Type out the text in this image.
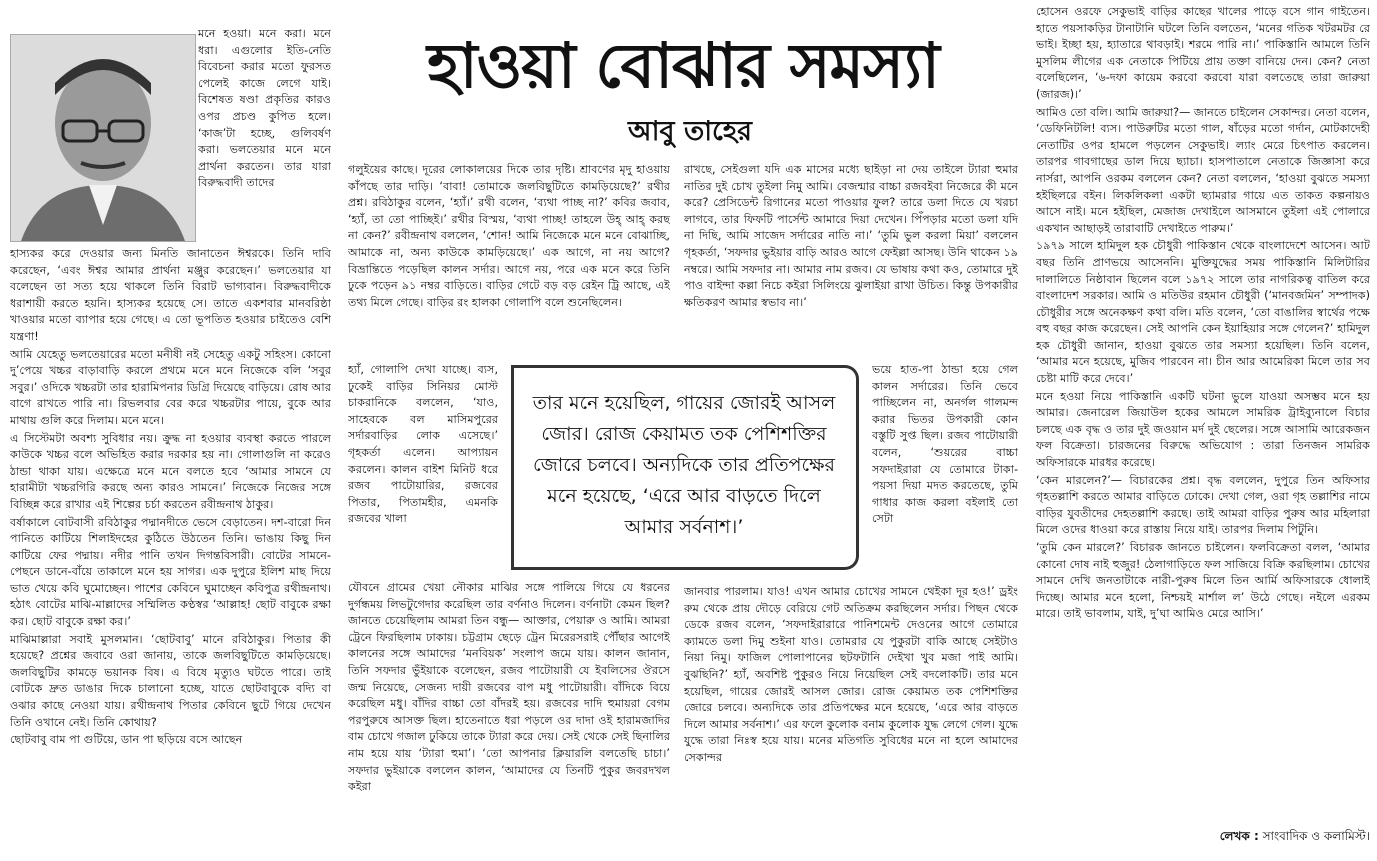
মনে হওয়া। মনে করা। মনে ধরা। এগুলোর ইতি-নেতি বিবেচনা করার মতো ফুরসত পেলেই কাজে লেগে যাই। বিশেষত ষণ্ডা প্রকৃতির কারও ওপর প্রচণ্ড কুপিত হলে। ‘কাজ’টা হচ্ছে, গুলিবর্ষণ করা। ভলতেয়ার মনে মনে প্রার্থনা করতেন। তার যারা বিরুদ্ধবাদী তাদের

হাস্যকর করে দেওয়ার জন্য মিনতি জানাতেন ঈশ্বরকে। তিনি দাবি করেছেন, ‘এবং ঈশ্বর আমার প্রার্থনা মঞ্জুর করেছেন।’ ভলতেয়ার যা বলেছেন তা সত্য হয়ে থাকলে তিনি বিরাট ভাগ্যবান। বিরুদ্ধবাদীকে ধরাশায়ী করতে হয়নি। হাস্যকর হয়েছে সে। তাতে একশবার মানবরিষ্ঠা খাওয়ার মতো ব্যাপার হয়ে গেছে। এ তো ভূপতিত হওয়ার চাইতেও বেশি যন্ত্রণা!

আমি যেহেতু ভলতেয়ারের মতো মনীষী নই সেহেতু একটু সহিংস। কোনো দু’পেয়ে খচ্চর বাড়াবাড়ি করলে প্রথমে মনে মনে নিজেকে বলি ‘সবুর সবুর।’ ওদিকে খচ্চরটা তার হারামিপনার ডিগ্রি দিয়েছে বাড়িয়ে। রোষ আর বাগে রাখতে পারি না। রিভলবার বের করে খচ্চরটার পায়ে, বুকে আর মাথায় গুলি করে দিলাম। মনে মনে।

এ সিস্টেমটা অবশ্য সুবিধার নয়। ক্রুদ্ধ না হওয়ার ব্যবস্থা করতে পারলে কাউকে খচ্চর বলে অভিহিত করার দরকার হয় না। গোলাগুলি না করেও ঠান্ডা থাকা যায়। এক্ষেত্রে মনে মনে বলতে হবে ‘আমার সামনে যে হারামীটা খচ্চরগিরি করছে অন্য কারও সামনে।’ নিজেকে নিজের সঙ্গে বিচ্ছিন্ন করে রাখার এই শিল্পের চর্চা করতেন রবীন্দ্রনাথ ঠাকুর।

বর্ষাকালে বোটবাসী রবিঠাকুর পদ্মানদীতে ভেসে বেড়াতেন। দশ-বারো দিন পানিতে কাটিয়ে শিলাইদহের কুঠিতে উঠতেন তিনি। ভাঙায় কিছু দিন কাটিয়ে ফের পদ্মায়। নদীর পানি তখন দিগন্তবিসারী। বোটের সামনে-পেছনে ডানে-বাঁয়ে তাকালে মনে হয় সাগর। এক দুপুরে ইলিশ মাছ দিয়ে ভাত খেয়ে কবি ঘুমোচ্ছেন। পাশের কেবিনে ঘুমাচ্ছেন কবিপুত্র রথীন্দ্রনাথ। হঠাৎ বোটের মাঝি-মাল্লাদের সম্মিলিত কণ্ঠস্বর ‘আল্লাহ! ছোট বাবুকে রক্ষা কর। ছোট বাবুকে রক্ষা কর।’

মাঝিমাল্লারা সবাই মুসলমান। ‘ছোটবাবু’ মানে রবিঠাকুর। পিতার কী হয়েছে? প্রশ্নের জবাবে ওরা জানায়, তাকে জলবিছুটিতে কামড়িয়েছে। জলবিছুটির কামড়ে ভয়ানক বিষ। এ বিষে মৃত্যুও ঘটতে পারে। তাই বোটকে দ্রুত ডাঙার দিকে চালানো হচ্ছে, যাতে ছোটবাবুকে বদ্যি বা ওঝার কাছে নেওয়া যায়। রথীন্দ্রনাথ পিতার কেবিনে ছুটে গিয়ে দেখেন তিনি ওখানে নেই। তিনি কোথায়?

ছোটবাবু বাম পা গুটিয়ে, ডান পা ছড়িয়ে বসে আছেন

হাওয়া বোঝার সমস্যা
আবু তাহের

গলুইয়ের কাছে। দূরের লোকালয়ের দিকে তার দৃষ্টি। শ্রাবণের মৃদু হাওয়ায় কাঁপছে তার দাড়ি। ‘বাবা! তোমাকে জলবিছুটিতে কামড়িয়েছে?’ রথীর প্রশ্ন। রবিঠাকুর বলেন, ‘হ্যাঁ।’ রথী বলেন, ‘ব্যথা পাচ্ছ না?’ কবির জবাব, ‘হ্যাঁ, তা তো পাচ্ছিই।’ রথীর বিস্ময়, ‘ব্যথা পাচ্ছ! তাহলে উহ্ আহ্ করছ না কেন?’ রবীন্দ্রনাথ বললেন, ‘শোন! আমি নিজেকে মনে মনে বোঝাচ্ছি, আমাকে না, অন্য কাউকে কামড়িয়েছে।’ এক আগে, না নয় আগে? বিভ্রান্তিতে পড়েছিল কালন সর্দার। আগে নয়, পরে এক মনে করে তিনি ঢুকে পড়েন ৯১ নম্বর বাড়িতে। বাড়ির গেটে বড় বড় রেইন ট্রি আছে, এই তথ্য মিলে গেছে। বাড়ির রং হালকা গোলাপি বলে শুনেছিলেন।

হ্যাঁ, গোলাপি দেখা যাচ্ছে। ব্যস, ঢুকেই বাড়ির সিনিয়র মোস্ট চাকরানিকে বললেন, ‘যাও, সাহেবকে বল মাসিমপুরের সর্দারবাড়ির লোক এসেছে।’ গৃহকর্তা এলেন। আপ্যায়ন করলেন। কালন বাইশ মিনিট ধরে রজব পাটোয়ারির, রজবের পিতার, পিতামহীর, এমনকি রজবের খালা

যৌবনে গ্রামের খেয়া নৌকার মাঝির সঙ্গে পালিয়ে গিয়ে যে ধরনের দুর্গন্ধময় লিভটুগেদার করেছিল তার বর্ণনাও দিলেন। বর্ণনাটা কেমন ছিল? জানতে চেয়েছিলাম আমরা তিন বন্ধু— আক্তার, পেয়ারু ও আমি। আমরা ট্রেনে ফিরছিলাম ঢাকায়। চট্টগ্রাম ছেড়ে ট্রেন মিরেরসরাই পৌঁছার আগেই কালনের সঙ্গে আমাদের ‘মনবিয়ক’ সংলাপ জমে যায়। কালন জানান, তিনি সফদার ভুঁইয়াকে বলেছেন, রজব পাটোয়ারী যে ইবলিসের ঔরসে জন্ম নিয়েছে, সেজন্য দায়ী রজবের বাপ মধু পাটোয়ারী। বাঁদিকে বিয়ে করেছিল মধু। বাঁদির বাচ্চা তো বাঁদরই হয়। রজবের দাদি হুমায়রা বেগম পরপুরুষে আসক্ত ছিল। হাতেনাতে ধরা পড়লে ওর দাদা ওই হারামজাদির বাম চোখে গজাল ঢুকিয়ে তাকে ট্যারা করে দেয়। সেই থেকে সেই ছিনালির নাম হয়ে যায় ‘ট্যারা হুমা’। ‘তো আপনার ক্লিয়ারলি বলতেছি চাচা।’ সফদার ভুইয়াকে বললেন কালন, ‘আমাদের যে তিনটি পুকুর জবরদখল কইরা

রাখছে, সেইগুলা যদি এক মাসের মধ্যে ছাইড়া না দেয় তাইলে ট্যারা হুমার নাতির দুই চোখ তুইলা নিমু আমি। বেজন্মার বাচ্চা রজবইবা নিজেরে কী মনে করে? প্রেসিডেন্ট রিগানের মতো পাওয়ার ফুল? তারে ডলা দিতে যে খরচা লাগবে, তার ফিফটি পার্সেন্ট আমারে দিয়া দেখেন। পিঁপড়ার মতো ডলা যদি না দিছি, আমি সাজেদ সর্দারের নাতি না।’ ‘তুমি ভুল করলা মিয়া’ বললেন গৃহকর্তা, ‘সফদার ভুইয়ার বাড়ি আরও আগে ফেইল্লা আসছ। উনি থাকেন ১৯ নম্বরে। আমি সফদার না। আমার নাম রজব। যে ভাষায় কথা কও, তোমারে দুই পাও বাইন্দা কল্লা নিচে কইরা সিলিংয়ে ঝুলাইয়া রাখা উচিত। কিন্তু উপকারীর ক্ষতিকরণ আমার স্বভাব না।’

ভয়ে হাত-পা ঠান্ডা হয়ে গেল কালন সর্দারের। তিনি ভেবে পাচ্ছিলেন না, অনর্গল গালমন্দ করার ভিতর উপকারী কোন বস্তুটি সুপ্ত ছিল। রজব পাটোয়ারী বলেন, ‘শুয়রের বাচ্চা সফদাইরারা যে তোমারে টাকা-পয়সা দিয়া মদত করতেছে, তুমি গাধার কাজ করলা বইলাই তো সেটা

জানবার পারলাম। যাও! এখন আমার চোখের সামনে থেইকা দূর হও!’ ড্রইং রুম থেকে প্রায় দৌড়ে বেরিয়ে গেট অতিক্রম করছিলেন সর্দার। পিছন থেকে ডেকে রজব বলেন, ‘সফদাইরারারে পানিশমেন্ট দেওনের আগে তোমারে ক্যামতে ডলা দিমু শুইনা যাও। তোমরার যে পুকুরটা বাকি আছে সেইটাও নিয়া নিমু। ফাজিল পোলাপানের ছটফটানি দেইখা খুব মজা পাই আমি। বুঝছিনি?’ হ্যাঁ, অবশিষ্ট পুকুরও নিয়ে নিয়েছিল সেই বদলোকটি। তার মনে হয়েছিল, গায়ের জোরই আসল জোর। রোজ কেয়ামত তক পেশিশক্তির জোরে চলবে। অন্যদিকে তার প্রতিপক্ষের মনে হয়েছে, ‘এরে আর বাড়তে দিলে আমার সর্বনাশ।’ এর ফলে কুলোক বনাম কুলোক যুদ্ধ লেগে গেল। যুদ্ধে যুদ্ধে তারা নিঃস্ব হয়ে যায়। মনের মতিগতি সুবিধের মনে না হলে আমাদের সেকান্দর

তার মনে হয়েছিল, গায়ের জোরই আসল জোর। রোজ কেয়ামত তক পেশিশক্তির জোরে চলবে। অন্যদিকে তার প্রতিপক্ষের মনে হয়েছে, ‘এরে আর বাড়তে দিলে আমার সর্বনাশ।’

হোসেন ওরফে সেকুভাই বাড়ির কাছের খালের পাড়ে বসে গান গাইতেন। হাতে পয়সাকড়ির টানাটানি ঘটলে তিনি বলতেন, ‘মনের গতিক খটরমটর রে ভাই। ইচ্ছা হয়, হ্যাতারে থাবড়াই। শরমে পারি না।’ পাকিস্তানি আমলে তিনি মুসলিম লীগের এক নেতাকে পিটিয়ে প্রায় তক্তা বানিয়ে দেন। কেন? নেতা বলেছিলেন, ‘৬-দফা কায়েম করবো করবো যারা বলতেছে তারা জারুয়া (জারজ)।’

আমিও তো বলি। আমি জারুয়া?— জানতে চাইলেন সেকান্দর। নেতা বলেন, ‘ডেফিনিটলি! ব্যস। পাউরুটির মতো গাল, ষাঁড়ের মতো গর্দান, মোটকাদেহী নেতাটির ওপর হামলে পড়লেন সেকুভাই। ল্যাং মেরে চিৎপাত করলেন। তারপর গাবগাছের ডাল দিয়ে ছ্যাচা। হাসপাতালে নেতাকে জিজ্ঞাসা করে নার্সরা, আপনি ওরকম বললেন কেন? নেতা বললেন, ‘হাওয়া বুঝতে সমস্যা হইছিলরে বইন। লিকলিকলা একটা ছ্যামরার গায়ে এত তাকত কল্পনায়ও আসে নাই। মনে হইছিল, মেজাজ দেখাইলে আসমানে তুইলা এই পোলারে একখান আছাড়ই তারাবাটি দেখাইতে পারুম।’

১৯৭৯ সালে হামিদুল হক চৌধুরী পাকিস্তান থেকে বাংলাদেশে আসেন। আট বছর তিনি প্রাণভয়ে আসেননি। মুক্তিযুদ্ধের সময় পাকিস্তানি মিলিটারির দালালিতে নিষ্ঠাবান ছিলেন বলে ১৯৭২ সালে তার নাগরিকত্ব বাতিল করে বাংলাদেশ সরকার। আমি ও মতিউর রহমান চৌধুরী (‘মানবজমিন’ সম্পাদক) চৌধুরীর সঙ্গে অনেকক্ষণ কথা বলি। মতি বলেন, ‘তো বাঙালির স্বার্থের পক্ষে বহু বছর কাজ করেছেন। সেই আপনি কেন ইয়াহিয়ার সঙ্গে গেলেন?’ হামিদুল হক চৌধুরী জানান, হাওয়া বুঝতে তার সমস্যা হয়েছিল। তিনি বলেন, ‘আমার মনে হয়েছে, মুজিব পারবেন না। চীন আর আমেরিকা মিলে তার সব চেষ্টা মাটি করে দেবে।’

মনে হওয়া নিয়ে পাকিস্তানি একটি ঘটনা ভুলে যাওয়া অসম্ভব মনে হয় আমার। জেনারেল জিয়াউল হকের আমলে সামরিক ট্রাইব্যুনালে বিচার চলছে এক বৃদ্ধ ও তার দুই জওয়ান মর্দ দুই ছেলের। সঙ্গে আসামি আরেকজন ফল বিক্রেতা। চারজনের বিরুদ্ধে অভিযোগ : তারা তিনজন সামরিক অফিসারকে মারধর করেছে।

‘কেন মারলেন?’— বিচারকের প্রশ্ন। বৃদ্ধ বললেন, দুপুরে তিন অফিসার গৃহতল্লাশি করতে আমার বাড়িতে ঢোকে। দেখা গেল, ওরা গৃহ তল্লাশির নামে বাড়ির যুবতীদের দেহতল্লাশি করছে। তাই আমরা বাড়ির পুরুষ আর মহিলারা মিলে ওদের ধাওয়া করে রাস্তায় নিয়ে যাই। তারপর দিলাম পিটুনি।

‘তুমি কেন মারলে?’ বিচারক জানতে চাইলেন। ফলবিক্রেতা বলল, ‘আমার কোনো দোষ নাই হুজুর! ঠেলাগাড়িতে ফল সাজিয়ে বিক্রি করছিলাম। চোখের সামনে দেখি জনতাটাকে নারী-পুরুষ মিলে তিন আর্মি অফিসারকে ধোলাই দিচ্ছে। আমার মনে হলো, নিশ্চয়ই মার্শাল ল’ উঠে গেছে। নইলে এরকম মারে। তাই ভাবলাম, যাই, দু’ঘা আমিও মেরে আসি।’

লেখক : সাংবাদিক ও কলামিস্ট।
